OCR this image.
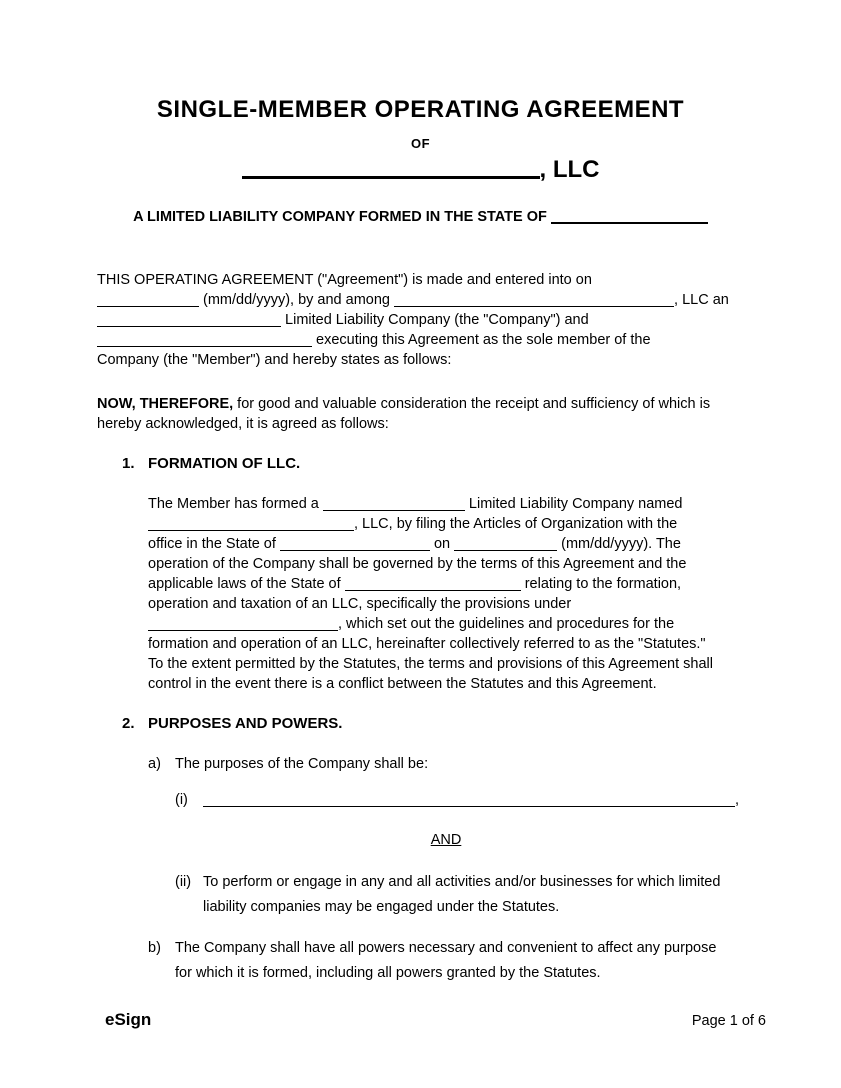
SINGLE-MEMBER OPERATING AGREEMENT
OF
, LLC
A LIMITED LIABILITY COMPANY FORMED IN THE STATE OF
THIS OPERATING AGREEMENT ("Agreement") is made and entered into on
(mm/dd/yyyy), by and among	, LLC an
Limited Liability Company (the "Company") and
executing this Agreement as the sole member of the
Company (the "Member") and hereby states as follows:
NOW, THEREFORE, for good and valuable consideration the receipt and sufficiency of which is
hereby acknowledged, it is agreed as follows:
1. FORMATION OF LLC.
The Member has formed a	Limited Liability Company named
, LLC, by filing the Articles of Organization with the
office in the State of	on	(mm/dd/yyyy). The
operation of the Company shall be governed by the terms of this Agreement and the
applicable laws of the State of	relating to the formation,
operation and taxation of an LLC, specifically the provisions under
, which set out the guidelines and procedures for the
formation and operation of an LLC, hereinafter collectively referred to as the "Statutes."
To the extent permitted by the Statutes, the terms and provisions of this Agreement shall
control in the event there is a conflict between the Statutes and this Agreement.
2. PURPOSES AND POWERS.
a) The purposes of the Company shall be:
(i)	,
AND
(ii) To perform or engage in any and all activities and/or businesses for which limited
liability companies may be engaged under the Statutes.
b) The Company shall have all powers necessary and convenient to affect any purpose
for which it is formed, including all powers granted by the Statutes.
eSign	Page 1 of 6
